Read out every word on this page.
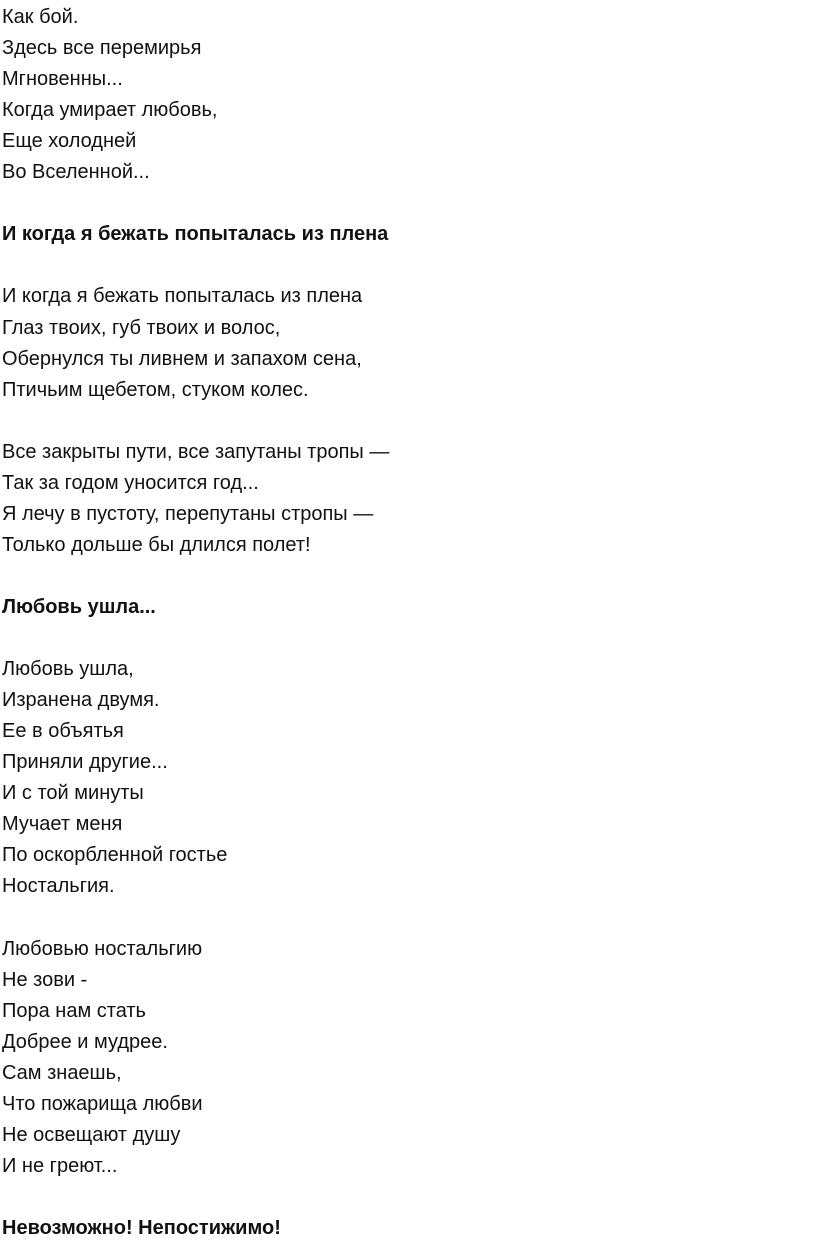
Как бой.
Здесь все перемирья
Мгновенны...
Когда умирает любовь,
Еще холодней
Во Вселенной...
И когда я бежать попыталась из плена
И когда я бежать попыталась из плена
Глаз твоих, губ твоих и волос,
Обернулся ты ливнем и запахом сена,
Птичьим щебетом, стуком колес.
Все закрыты пути, все запутаны тропы —
Так за годом уносится год...
Я лечу в пустоту, перепутаны стропы —
Только дольше бы длился полет!
Любовь ушла...
Любовь ушла,
Изранена двумя.
Ее в объятья
Приняли другие...
И с той минуты
Мучает меня
По оскорбленной гостье
Ностальгия.
Любовью ностальгию
Не зови -
Пора нам стать
Добрее и мудрее.
Сам знаешь,
Что пожарища любви
Не освещают душу
И не греют...
Невозможно! Непостижимо!
